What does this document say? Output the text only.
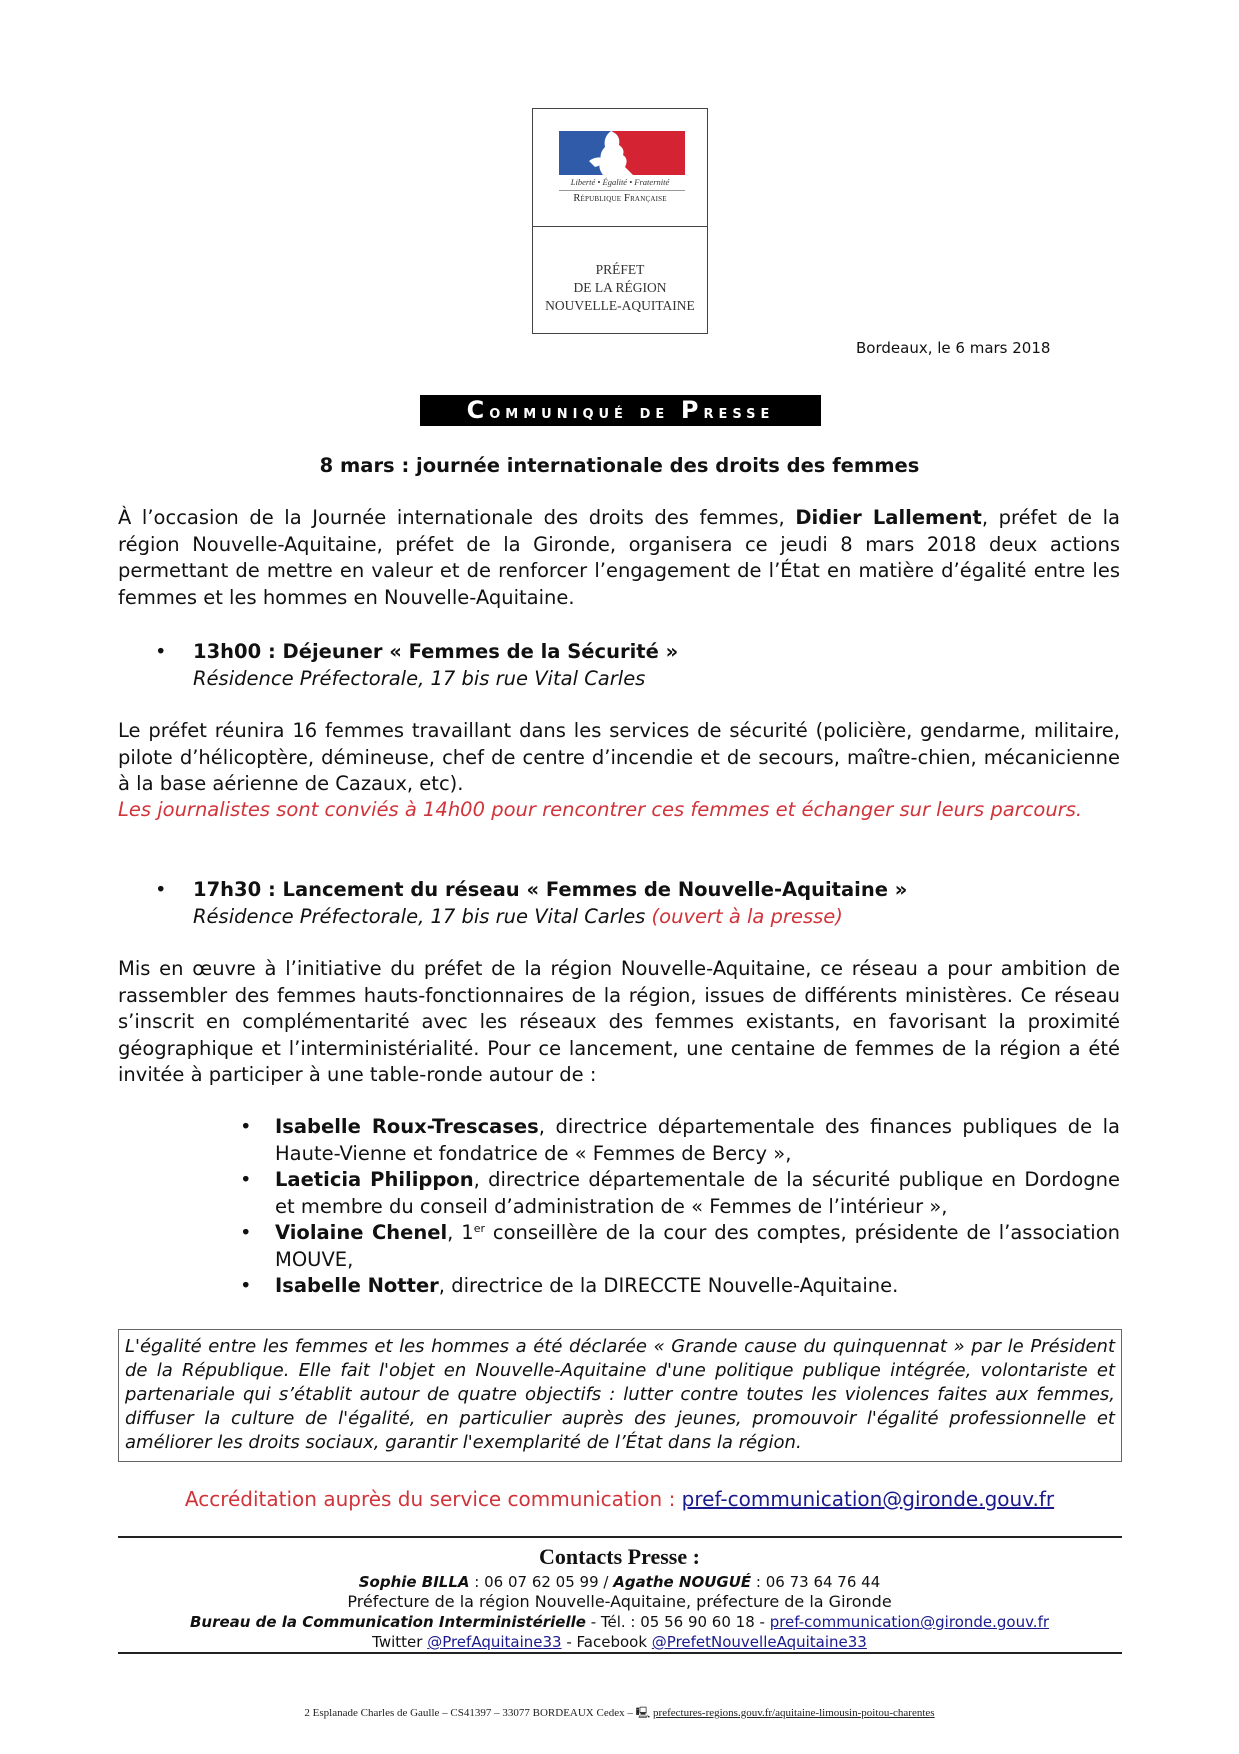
Liberté • Égalité • Fraternité
République Française
PRÉFET
DE LA RÉGION
NOUVELLE-AQUITAINE
Bordeaux, le 6 mars 2018
Communiqué de Presse
8 mars : journée internationale des droits des femmes
À l’occasion de la Journée internationale des droits des femmes, Didier Lallement, préfet de la région Nouvelle-Aquitaine, préfet de la Gironde, organisera ce jeudi 8 mars 2018 deux actions permettant de mettre en valeur et de renforcer l’engagement de l’État en matière d’égalité entre les femmes et les hommes en Nouvelle-Aquitaine.
• 13h00 : Déjeuner « Femmes de la Sécurité »
Résidence Préfectorale, 17 bis rue Vital Carles
Le préfet réunira 16 femmes travaillant dans les services de sécurité (policière, gendarme, militaire, pilote d’hélicoptère, démineuse, chef de centre d’incendie et de secours, maître-chien, mécanicienne à la base aérienne de Cazaux, etc).
Les journalistes sont conviés à 14h00 pour rencontrer ces femmes et échanger sur leurs parcours.
• 17h30 : Lancement du réseau « Femmes de Nouvelle-Aquitaine »
Résidence Préfectorale, 17 bis rue Vital Carles (ouvert à la presse)
Mis en œuvre à l’initiative du préfet de la région Nouvelle-Aquitaine, ce réseau a pour ambition de rassembler des femmes hauts-fonctionnaires de la région, issues de différents ministères. Ce réseau s’inscrit en complémentarité avec les réseaux des femmes existants, en favorisant la proximité géographique et l’interministérialité. Pour ce lancement, une centaine de femmes de la région a été invitée à participer à une table-ronde autour de :
• Isabelle Roux-Trescases, directrice départementale des finances publiques de la Haute-Vienne et fondatrice de « Femmes de Bercy »,
• Laeticia Philippon, directrice départementale de la sécurité publique en Dordogne et membre du conseil d’administration de « Femmes de l’intérieur »,
• Violaine Chenel, 1er conseillère de la cour des comptes, présidente de l’association MOUVE,
• Isabelle Notter, directrice de la DIRECCTE Nouvelle-Aquitaine.
L'égalité entre les femmes et les hommes a été déclarée « Grande cause du quinquennat » par le Président de la République. Elle fait l'objet en Nouvelle-Aquitaine d'une politique publique intégrée, volontariste et partenariale qui s’établit autour de quatre objectifs : lutter contre toutes les violences faites aux femmes, diffuser la culture de l'égalité, en particulier auprès des jeunes, promouvoir l'égalité professionnelle et améliorer les droits sociaux, garantir l'exemplarité de l’État dans la région.
Accréditation auprès du service communication : pref-communication@gironde.gouv.fr
Contacts Presse :
Sophie BILLA : 06 07 62 05 99 / Agathe NOUGUÉ : 06 73 64 76 44
Préfecture de la région Nouvelle-Aquitaine, préfecture de la Gironde
Bureau de la Communication Interministérielle - Tél. : 05 56 90 60 18 - pref-communication@gironde.gouv.fr
Twitter @PrefAquitaine33 - Facebook @PrefetNouvelleAquitaine33
2 Esplanade Charles de Gaulle – CS41397 – 33077 BORDEAUX Cedex – 🖳 prefectures-regions.gouv.fr/aquitaine-limousin-poitou-charentes
